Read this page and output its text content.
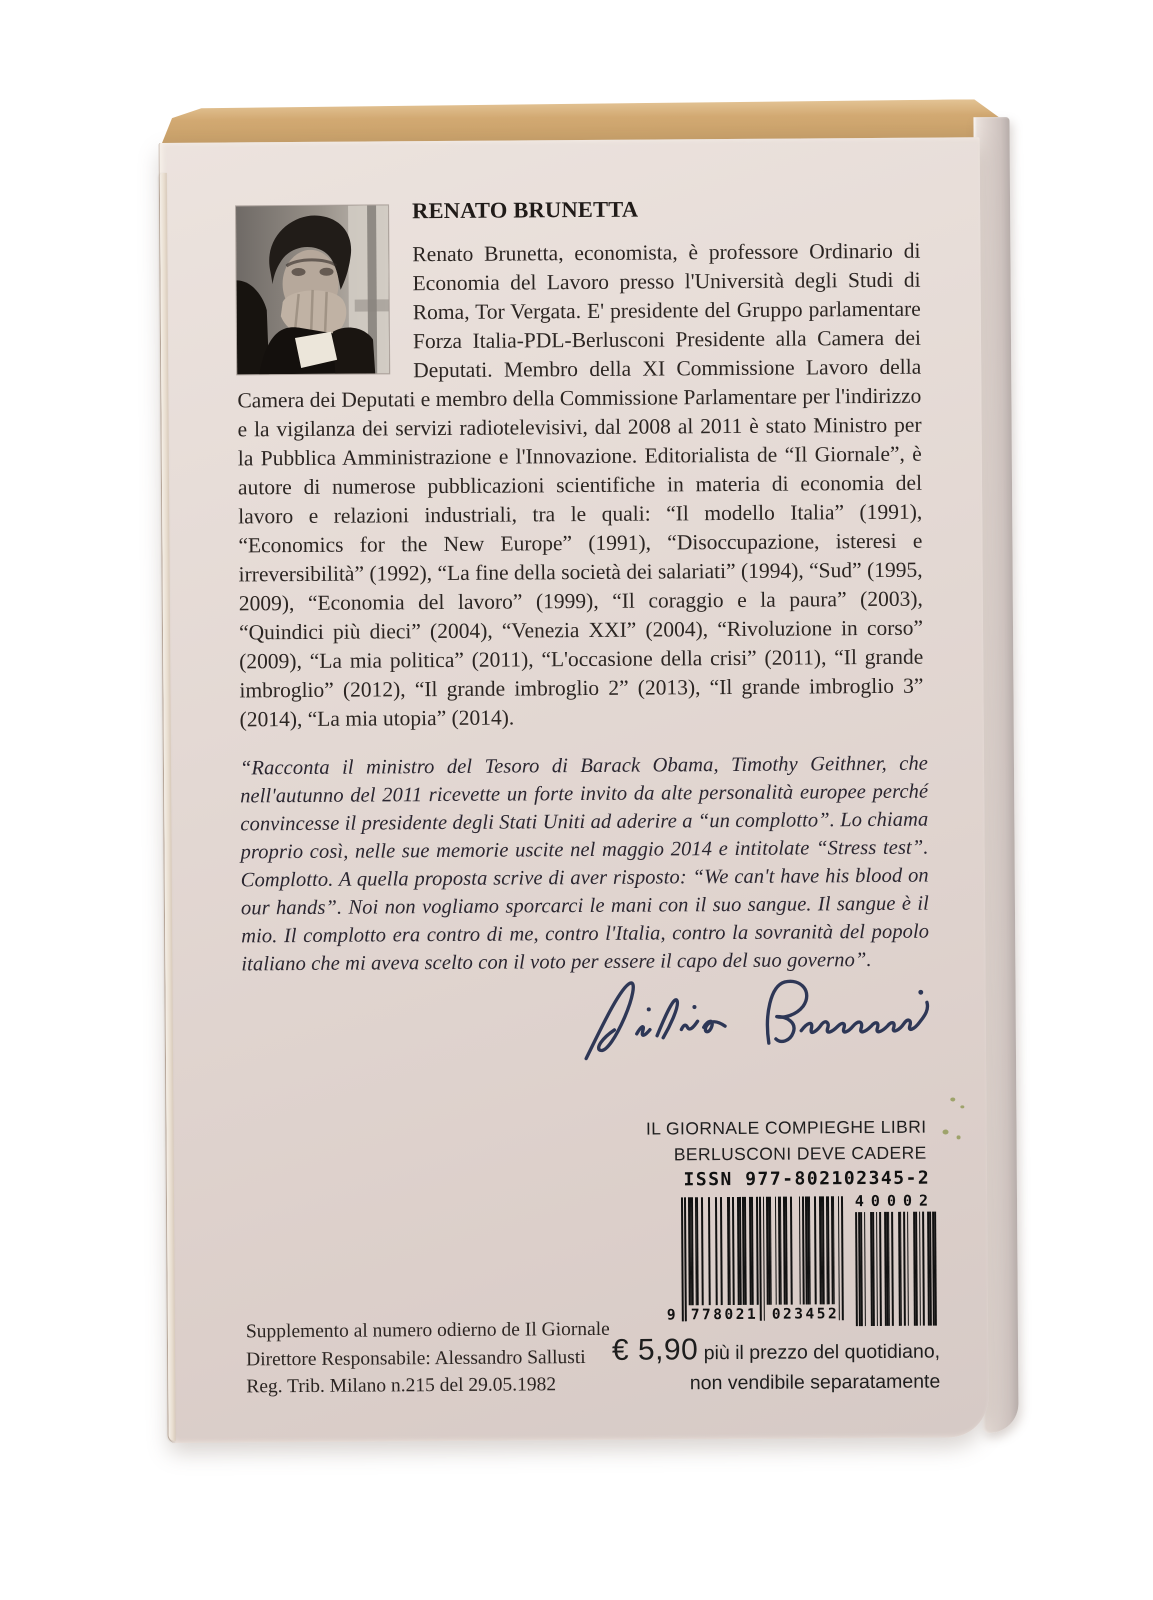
RENATO BRUNETTA

Renato Brunetta, economista, è professore Ordinario di Economia del Lavoro presso l'Università degli Studi di Roma, Tor Vergata. E' presidente del Gruppo parlamentare Forza Italia-PDL-Berlusconi Presidente alla Camera dei Deputati. Membro della XI Commissione Lavoro della Camera dei Deputati e membro della Commissione Parlamentare per l'indirizzo e la vigilanza dei servizi radiotelevisivi, dal 2008 al 2011 è stato Ministro per la Pubblica Amministrazione e l'Innovazione. Editorialista de “Il Giornale”, è autore di numerose pubblicazioni scientifiche in materia di economia del lavoro e relazioni industriali, tra le quali: “Il modello Italia” (1991), “Economics for the New Europe” (1991), “Disoccupazione, isteresi e irreversibilità” (1992), “La fine della società dei salariati” (1994), “Sud” (1995, 2009), “Economia del lavoro” (1999), “Il coraggio e la paura” (2003), “Quindici più dieci” (2004), “Venezia XXI” (2004), “Rivoluzione in corso” (2009), “La mia politica” (2011), “L'occasione della crisi” (2011), “Il grande imbroglio” (2012), “Il grande imbroglio 2” (2013), “Il grande imbroglio 3” (2014), “La mia utopia” (2014).

“Racconta il ministro del Tesoro di Barack Obama, Timothy Geithner, che nell'autunno del 2011 ricevette un forte invito da alte personalità europee perché convincesse il presidente degli Stati Uniti ad aderire a “un complotto”. Lo chiama proprio così, nelle sue memorie uscite nel maggio 2014 e intitolate “Stress test”. Complotto. A quella proposta scrive di aver risposto: “We can't have his blood on our hands”. Noi non vogliamo sporcarci le mani con il suo sangue. Il sangue è il mio. Il complotto era contro di me, contro l'Italia, contro la sovranità del popolo italiano che mi aveva scelto con il voto per essere il capo del suo governo”.
IL GIORNALE COMPIEGHE LIBRI
BERLUSCONI DEVE CADERE
ISSN 977-802102345-2
40002
9 778021 023452
€ 5,90 più il prezzo del quotidiano,
non vendibile separatamente
Supplemento al numero odierno de Il Giornale
Direttore Responsabile: Alessandro Sallusti
Reg. Trib. Milano n.215 del 29.05.1982
